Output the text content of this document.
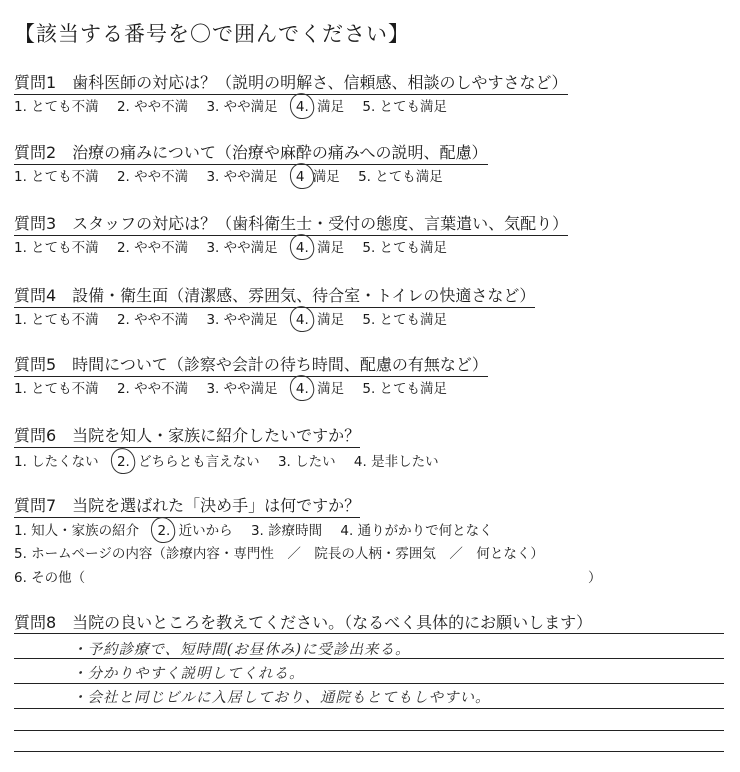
【該当する番号を〇で囲んでください】
質問1　歯科医師の対応は？（説明の明解さ、信頼感、相談のしやすさなど）
1. とても不満 2. やや不満 3. やや満足 4. 満足 5. とても満足
質問2　治療の痛みについて（治療や麻酔の痛みへの説明、配慮）
1. とても不満 2. やや不満 3. やや満足 4 満足 5. とても満足
質問3　スタッフの対応は？（歯科衛生士・受付の態度、言葉遣い、気配り）
1. とても不満 2. やや不満 3. やや満足 4. 満足 5. とても満足
質問4　設備・衛生面（清潔感、雰囲気、待合室・トイレの快適さなど）
1. とても不満 2. やや不満 3. やや満足 4. 満足 5. とても満足
質問5　時間について（診察や会計の待ち時間、配慮の有無など）
1. とても不満 2. やや不満 3. やや満足 4. 満足 5. とても満足
質問6　当院を知人・家族に紹介したいですか？
1. したくない 2. どちらとも言えない 3. したい 4. 是非したい
質問7　当院を選ばれた「決め手」は何ですか？
1. 知人・家族の紹介 2. 近いから 3. 診療時間 4. 通りがかりで何となく
5. ホームページの内容（診療内容・専門性　／　院長の人柄・雰囲気　／　何となく）
6. その他（	）
質問8　当院の良いところを教えてください。（なるべく具体的にお願いします）
・予約診療で、短時間(お昼休み)に受診出来る。
・分かりやすく説明してくれる。
・会社と同じビルに入居しており、通院もとてもしやすい。
